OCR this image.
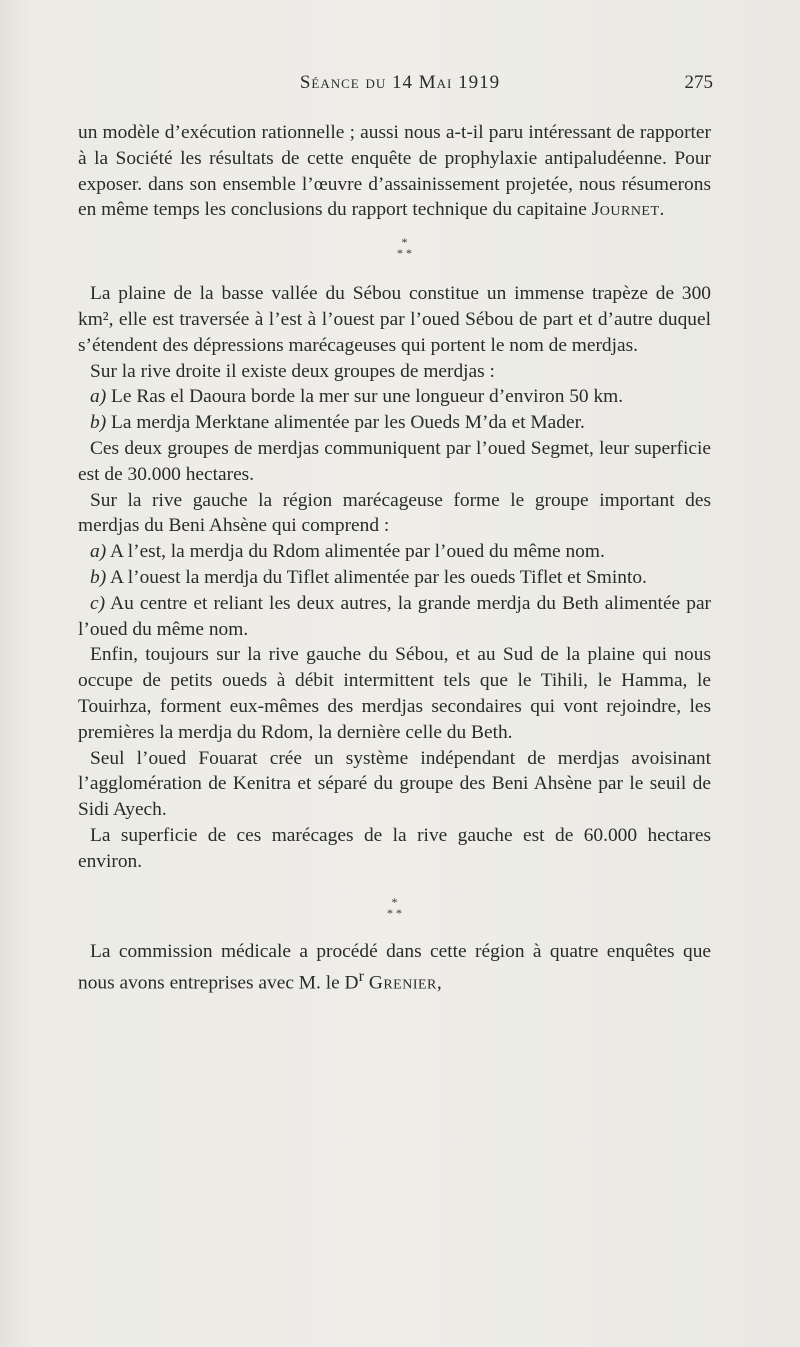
Séance du 14 Mai 1919	275

un modèle d’exécution rationnelle ; aussi nous a-t-il paru intéressant de rapporter à la Société les résultats de cette enquête de prophylaxie antipaludéenne. Pour exposer. dans son ensemble l’œuvre d’assainissement projetée, nous résumerons en même temps les conclusions du rapport technique du capitaine Journet.

*
* *

La plaine de la basse vallée du Sébou constitue un immense trapèze de 300 km², elle est traversée à l’est à l’ouest par l’oued Sébou de part et d’autre duquel s’étendent des dépressions marécageuses qui portent le nom de merdjas.

Sur la rive droite il existe deux groupes de merdjas :

a) Le Ras el Daoura borde la mer sur une longueur d’environ 50 km.

b) La merdja Merktane alimentée par les Oueds M’da et Mader.

Ces deux groupes de merdjas communiquent par l’oued Segmet, leur superficie est de 30.000 hectares.

Sur la rive gauche la région marécageuse forme le groupe important des merdjas du Beni Ahsène qui comprend :

a) A l’est, la merdja du Rdom alimentée par l’oued du même nom.

b) A l’ouest la merdja du Tiflet alimentée par les oueds Tiflet et Sminto.

c) Au centre et reliant les deux autres, la grande merdja du Beth alimentée par l’oued du même nom.

Enfin, toujours sur la rive gauche du Sébou, et au Sud de la plaine qui nous occupe de petits oueds à débit intermittent tels que le Tihili, le Hamma, le Touirhza, forment eux-mêmes des merdjas secondaires qui vont rejoindre, les premières la merdja du Rdom, la dernière celle du Beth.

Seul l’oued Fouarat crée un système indépendant de merdjas avoisinant l’agglomération de Kenitra et séparé du groupe des Beni Ahsène par le seuil de Sidi Ayech.

La superficie de ces marécages de la rive gauche est de 60.000 hectares environ.

*
* *

La commission médicale a procédé dans cette région à quatre enquêtes que nous avons entreprises avec M. le $D^r$ Grenier,
